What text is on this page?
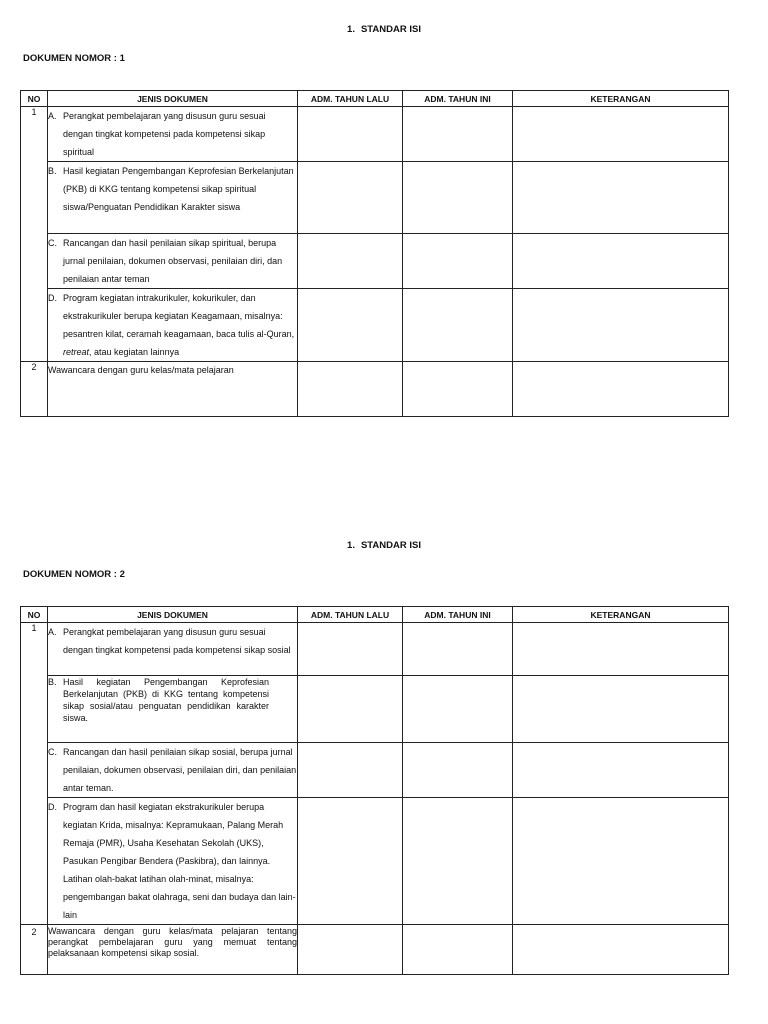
1. STANDAR ISI
DOKUMEN NOMOR : 1
NO	JENIS DOKUMEN	ADM. TAHUN LALU	ADM. TAHUN INI	KETERANGAN
1	A. Perangkat pembelajaran yang disusun guru sesuai dengan tingkat kompetensi pada kompetensi sikap spiritual			

	B. Hasil kegiatan Pengembangan Keprofesian Berkelanjutan (PKB) di KKG tentang kompetensi sikap spiritual siswa/Penguatan Pendidikan Karakter siswa			

	C. Rancangan dan hasil penilaian sikap spiritual, berupa jurnal penilaian, dokumen observasi, penilaian diri, dan penilaian antar teman			

	D. Program kegiatan intrakurikuler, kokurikuler, dan ekstrakurikuler berupa kegiatan Keagamaan, misalnya: pesantren kilat, ceramah keagamaan, baca tulis al-Quran, retreat, atau kegiatan lainnya			

2	Wawancara dengan guru kelas/mata pelajaran			
1. STANDAR ISI
DOKUMEN NOMOR : 2
NO	JENIS DOKUMEN	ADM. TAHUN LALU	ADM. TAHUN INI	KETERANGAN
1	A. Perangkat pembelajaran yang disusun guru sesuai dengan tingkat kompetensi pada kompetensi sikap sosial			

	B. Hasil kegiatan Pengembangan Keprofesian Berkelanjutan (PKB) di KKG tentang kompetensi sikap sosial/atau penguatan pendidikan karakter siswa.			

	C. Rancangan dan hasil penilaian sikap sosial, berupa jurnal penilaian, dokumen observasi, penilaian diri, dan penilaian antar teman.			

	D. Program dan hasil kegiatan ekstrakurikuler berupa kegiatan Krida, misalnya: Kepramukaan, Palang Merah Remaja (PMR), Usaha Kesehatan Sekolah (UKS), Pasukan Pengibar Bendera (Paskibra), dan lainnya. Latihan olah-bakat latihan olah-minat, misalnya: pengembangan bakat olahraga, seni dan budaya dan lain-lain			

2	Wawancara dengan guru kelas/mata pelajaran tentang perangkat pembelajaran guru yang memuat tentang pelaksanaan kompetensi sikap sosial.			
